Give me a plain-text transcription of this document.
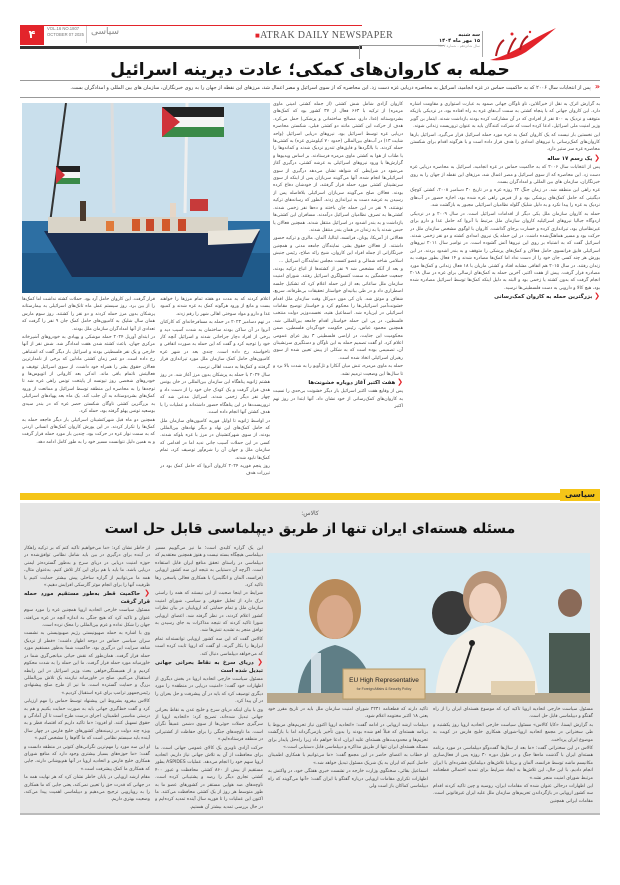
۴	VOL.16 NO.1807
OCTOBER 07 2025 سیاسی	■ATRAK DAILY NEWSPAPER	سه شنبه
۱۵ مهر ماه ۱۴۰۴
سال شانزدهم - شماره ۱۸۰۷
حمله به کاروان‌های کمکی؛ عادت دیرینه اسرائیل
«پس از انتخابات سال ۲۰۰۶ که به حاکمیت حماس در غزه انجامید، اسرائیل به محاصره دریایی غزه دست زد. این محاصره که از سوی اسرائیل و مصر اعمال شد، مرزهای این نقطه از جهان را به روی خبرنگاران، سازمان های بین المللی و امدادگران بست.

به گزارش اترک به نقل از خبرآنلاین، ناو ناوگان جهانی صمود به عبارت استواری و مقاومت اشاره دارد. این کاروان جهانی که با پنجاه کشتی به سمت آب‌های غزه به راه افتاده بود، در نزدیکی بازیکه متوقف و نزدیک به ۵۰۰ نفر از افرادی که در آن مشارکت کرده بودند بازداشت شدند. ایتمار بن گویر وزیر امنیت ملی اسرائیل، ادعا کرده است که شرکت کنندگان باید به عنوان تروریست زندانی شوند.

این نخستین بار نیست که یک کاروان کمک به غزه مورد حمله اسرائیل قرار می‌گیرد. اسرائیل بارها کاروان‌های کمک‌رسانی یا نیروهای امدادی را هدف قرار داده است و با هرگونه اقدام برای شکستن محاصره غزه سر ستیز دارد.

❮ یک رسم ۱۷ ساله

پس از انتخابات سال ۲۰۰۶ که به حاکمیت حماس در غزه انجامید، اسرائیل به محاصره دریایی غزه دست زد. این محاصره که از سوی اسرائیل و مصر اعمال شد، مرزهای این نقطه از جهان را به روی خبرنگاران، سازمان های بین المللی و امدادگران بست.

غزه راهی این منطقه شد. در زمان جنگ ۲۲ روزه غزه و در تاریخ ۳۰ دسامبر ۲۰۰۸، کشتی کوچک دیگنیتی که حامل کمک‌های پزشکی بود و از قبرس راهی غزه شده بود، اجازه حضور در آب‌های نزدیک به غزه را پیدا نکرد و به دلیل شلیک گلوله نظامیان اسرائیلی مجبور به بازگشت شد.

حمله به کاروان سازمان ملل یکی دیگر از اقدامات اسرائیل است. در سال ۲۰۰۹ و در نزدیکی اردوگاه جبالیا نیروهای اسرائیلیه کاروان سازمان ملل مرتبط با آنروا که حامل غذا و دارو برای غیرنظامیان بود، تیراندازی کرده و خسارت برجای گذاشت. کاروان با لوگوی مشخص سازمان ملل در حرکت بود و مسیر هماهنگ‌شده داشت. در این حمله یک نیروی امدادی کشته و دو نفر زخمی شدند. اسرائیل گفت که به اشتباه بر روی این نیروها آتش گشوده است. در نوامبر سال ۲۰۱۱ نیروهای اسرائیلی قایق فرانسوی حامل فعالان و کمک‌های پزشکی را متوقف و به بندر اشدود بردند. در این یورش هر چند کسی جان خود را از دست نداد اما کمک‌ها مصادره شدند و ۱۴ فعال بطور موقت به زندان رفتند. در سال ۲۰۱۵ هم اتفاقی مشابه افتاد و کشتی ماریان با ۱۸ فعال زندانی و کمک‌ها مورد مصادره قرار گرفت. پیش از هفت اکتبر، آخرین حمله به کمک‌های ارسالی برای غزه در سال ۲۰۱۸ انجام گرفت که بدون کشته یا زخمی بود و البته به دلیل اینکه کمک‌ها توسط اسرائیل مصادره شده بود، هیچ کالا و دارویی به دست فلسطینی‌ها نرسید.

❮ بزرگترین حمله به کاروان کمک‌رسانی

کاروان آزادی شامل شش کشتی (از جمله کشتی امینی ماوی مرمره) از ترکیه با ۶۶۳ فعال از ۳۷ کشور بود که کمک‌های بشردوستانه (غذا، دارو، مصالح ساختمانی و پزشکی) حمل می‌کرد. هدف از حرکت این کشتی مانند دو کشتی قبلی، شکستن محاصره دریایی غزه توسط اسرائیل بود. نیروهای دریایی اسرائیل (واحد شایت ۱۳) در آب‌های بین‌المللی (حدود ۷۰ کیلومتری غزه) به کشتی‌ها حمله کردند. با بالگردها و قایق‌های تندرو نزدیک شدند و کماندوها را با طناب از هوا به کشتی ماوی مرمره فرستادند. بر اساس ویدیوها و گزارش‌ها با ورود نیروهای اسرائیلی به عرشه کشتی، درگیری آغاز می‌شود در شرایطی که شواهد نشان می‌دهد درگیری از سوی اسرائیلی‌ها انجام شده. آنها می‌گویند سربازان پس از اینکه از سوی سرنشینان کشتی مورد حمله قرار گرفتند، از خودشان دفاع کرده بودند. فعالان صلح می‌گویند سربازان اسرائیلی بلافاصله پس از رسیدن به عرشه دست به تیراندازی زدند. آنطور که رسانه‌های ترکیه نوشتند، ۹ نفر در این حمله جان باختند و ده‌ها نفر زخمی شدند. کشتی‌ها به تصرف نظامیان اسرائیل درآمدند. مسافران این کشتی‌ها بازداشت و به بندر اشدود در اسرائیل منتقل شدند. همچنین فعالان یا حبس شدند یا به زندان در همان بندر منتقل شدند.

فعالانی از آمریکا، یونان، فرانسه، ایتالیا، آلمان، مالزی و ترکیه حضور داشتند. از فعالان حقوق بشر، نمایندگان جامعه مدنی و همچنین خبرنگارانی از جمله افراد این کاروان، شیخ رائد صلاح، رئیس جنبش اسلامی شاخه شمالی و عضو کنست مجلس نمایندگان اسرائیل ...

و بعد از آنکه مشخص شد ۹ نفر از کشته‌ها از اتباع ترکیه بودند، جمعیت خشمگین به سمت کنسولگری اسرائیل رفتند. شورای امنیت سازمان ملل ساعاتی بعد از این حمله اعلام کرد که تشکیل جلسه اضطراری داد و در طی بیانیه‌ای خواستار تحقیقات بی‌طرفانه، سریع، شفاف و موثق شد. بان کی مون دبیرکل وقت سازمان ملل اقدام خشونت‌آمیز اسرائیلی‌ها را محکوم کرد و خواستار توضیح مقامات اسرائیلی در این‌باره شد. اسماعیل هنیه، نخست‌وزیر دولت منتخب فلسطین، در پی این حمله خواستار اقدام جامعه بین‌المللی شد. همچنین محمود عباس، رئیس حکومت خودگردان فلسطین، ضمن محکومیت این جنایت، در اراضی فلسطینی ۳ روز عزای عمومی اعلام کرد. او گفت تصمیم حمله به این ناوگان و دستگیری سرنشینان آن، تصمیمی بوده است که به شکلی از پیش تعیین شده از سوی رهبران اسرائیلی اتخاذ شده است.

حمله به ماوی مرمره، تنش میان آنکارا و تل‌آویو را به شدت بالا برد و تا سال‌ها این وضعیت ترمیم نشد.

❮ هفت اکتبر آغاز دوباره خشونت‌ها

پس از وقایع هفت اکتبر اسرائیل بار دیگر خشونت بی‌حدی را نسبت به کاروان‌های کمک‌رسانی از خود نشان داد. آنها ابتدا در روز نهم اکتبر

اعلام کردند که به مدت دو هفته تمام مرزها را خواهند بست و مانع از ورود هرگونه کمک به غزه شدند و کمبود غذا و دارو و مواد سوختی اهالی شهر را رقم زدند.

در نهم دسامبر ۲۰۲۳ در حمله به مسافرخانه‌ای که کارکنان آنروا در آن ساکن بودند ساختمان به شدت آسیب دید و برخی از افراد دچار جراحاتی شدند و اسرائیل آنچه کار خود را توجیه کرد و گفت که این حمله به صورت اتفاقی و ناخواسته رخ داده است. چندی بعد در شهر غزه کامیون‌های حامل کمک سازمان ملل مورد تیراندازی قرار گرفتند و کمک‌ها به دست اهالی نرسید.

سال ۲۰۲۴ با حمله به پزشکان بدون مرز آغاز شد. در روز هشتم ژانویه پناهگاه این سازمان بین‌المللی در خان یونس هدف قرار گرفت و یک کودک جان خود را از دست داد و چهار نفر دیگر زخمی شدند. اسرائیل مدعی شد که تروریست‌ها در این پناهگاه حضور داشته‌اند و عملیات را با هدف کشتن آنها انجام داده است.

در اواسط ژانویه تا اوایل فوریه کامیون‌های سازمان ملل که حامل کمک‌های این نهاد و دیگر نهادهای بین‌المللی بودند، از سوی شهرکنشینان در مرز با غزه بلوکه شدند. کسی در این حملات آسیب جانی ندید اما در اقدامی که سازمان ملل و جهان آن را شرم‌آور توصیف کرد، تمام کمک‌ها نابود شدند.

روز پنجم فوریه ۲۰۲۴ کاروان آنروا که حامل کمک بود در تیررات هدف

قرار گرفت. این کاروان حامل آرد بود. حملات کشته نداشت اما کمک‌ها را از بین برد. روز سیستم عمل ماه تانک‌های اسرائیلی به بیمارستانه پزشکان بدون مرز حمله کردند و دو نفر را کشتند. روز سوم مارس همان سال شلیک به کامیون‌های حامل کمک جان ۹ نفر را گرفت که تعدادی از آنها امدادگران سازمان ملل بودند.

در ابتدای آوریل ۲۰۲۴ حمله موشکی و پهپادی به خودروهای آشپزخانه مرکزی جهان، باعث کشته شدن هفت امدادگر شد. شش نفر از آنها خارجی و یک نفر فلسطینی بودند و اسرائیل بار دیگر گفت که اشتباهی رخ داده است. دو عمر زمان کشتی مادلین که برخی از نامدارترین فعالان حقوق بشر را همراه خود داشت، از سوی اسرائیل توقیف و فعالیتش ناتمام باقی ماند. اندکی بعد کاروانی از اتوبوس‌ها و خودروهای شخصی روز تیونسه از پایتخت تونس راهی غزه شد تا توجه‌ها را به محاصره این منطقه توسط اسرائیل و ممانعت از ورود کمک‌های بشردوستانه به آن جلب کند. یک ماه بعد پهپادهای اسرائیلی به بزرگترین کشتی ناوگان شکستن حصر غزه که در بندر سیدی بوسعید تونس پهلو گرفته بود، حمله کرد.

همچنین دو ماه قبل شهرکنشینان اسرائیلی بار دیگر فاجعه حمله به کمک‌ها را تکرار کردند. در این یورش کاروان کمک‌های انسانی اردنی که به سمت نوار غزه در حرکت بود، چندین بار مورد حمله قرار گرفت و به همین دلیل نتوانست مسیر خود را به طور کامل ادامه دهد.

سیاسی
کالاس:
مسئله هسته‌ای ایران تنها از طریق دیپلماسی قابل حل است
EU High Representative
for Foreign Affairs & Security Policy

مسئول سیاست خارجی اتحادیه اروپا تاکید کرد که موضوع هسته‌ای ایران را از راه گفتگو و دیپلماسی قابل حل است.

به گزارش ایسنا، «کایا کالاس» مسئول سیاست خارجی اتحادیه اروپا روز یکشنبه و طی سخنرانی در مجمع اتحادیه اروپا-شورای همکاری خلیج فارس در کویت به موضوع ایران پرداخت.

کالاس در این سخنرانی گفت: «ما بعد از سال‌ها گفت‌وگو دیپلماسی در مورد برنامه هسته‌ای ایران با گذشت ماه‌ها جنگ و در طول دوره ۳۰ روزه پس از فعال‌سازی مکانیسم ماشه توسط فرانسه، آلمان و بریتانیا تلاش‌های دیپلماتیک فشرده‌ای با ایران انجام دادیم. با این حال، این تلاش‌ها به ایجاد شرایط برای تمدید احتمالی قطعنامه مرتبط شورای امنیت منجر نشد.»

این اظهارات درحالی عنوان شده که مقامات ایران، روسیه و چین تاکید کردند اقدام سه کشور اروپایی در بازگرداندن تحریم‌های سازمان ملل علیه ایران غیرقانونی است. مقامات ایرانی همچنین

تأکید دارند که قطعنامه ۲۲۳۱ شورای امنیت سازمان ملل باید در تاریخ مقرر خود یعنی ۱۸ اکتبر مختومه اعلام شود.

دیپلمات ارشد اروپایی در ادامه گفت: «اتحادیه اروپا اکنون نیاز تحریم‌های مربوط با برنامه هسته‌ای که قبلاً لغو شده بودند را بدون تأخیر بازمی‌گرداند اما با بازگشت تحریم‌ها و محدودیت‌های هسته‌ای علیه ایران، ادعا خواهم داد زیرا راه‌حل پایدار برای مسئله هسته‌ای ایران تنها از طریق مذاکره و دیپلماسی قابل دستیابی است.»

او خطاب به اعضای حاضر در این مجمع گفت: «ما می‌توانیم با همکاری اطمینان حاصل کنیم که ایران به یک شریک مسئول تبدیل خواهد شد.»

اسماعیل بقائی، سخنگوی وزارت خارجه در نشست خبری هفتگی خود، در واکنش به اظهارات تکراری مقامات اروپایی درباره گفتگو با ایران گفت: «آنها می‌گویند که راه دیپلماسی کماکان باز است ولی

این یک گزاره کلیدی است؛ ما نیز می‌گوییم مسیر دیپلماسی هیچگاه بسته نیست و هنوز همچنین معتقدیم که دیپلماسی در راستای تحقق منافع ایران قابل استفاده است. اگرچه آن دستیابی به نتیجه این سه کشور اروپایی (فرانسه، آلمان و انگلیس) با همکاری فعالی پاسخی رها تاکید کرد.

شرایط در اینجا صحبت از این نیستند که همه را راستی درک دارد از تحلیل حقوقی و سیاسی، شورای امنیت سازمان ملل و تمام حمایتی که اروپاییان در بیان نظرات کشور اعلام کردند، در نظر گرفته شد. اعضای اروپایی شورا تاکید کردند که نتیجه مذاکرات به جای رسیدن به توافق منجر به تشدید تنش‌ها شد.

کالاس گفت که این سه کشور اروپایی توانسته‌اند تمام ابزارها را بکار گیرند. او گفت که اروپا ثابت کرده است که می‌خواهد دیپلماسی دنبال کند.

❮ دریای سرخ به نقاط بحرانی جهانی تبدیل شده است

مسئول سیاست خارجی اتحادیه اروپا در بخش دیگری از اظهارات خود گفت: «امنیت دریایی در منطقه» را مورد دیگری توصیف کرد که باید در آن پیشرفت و حل بحران را در آن پیدا کرد.

وی با بیان اینکه دریای سرخ و خلیج عدن به نقاط بحرانی جهانی تبدیل شده‌اند، تصریح کرد: «اتحادیه اروپا از سرگیری حملات حوثی‌ها از سوی دشمن عمیقاً نگران است. ما ناوچه‌های جنگی را برای حفاظت از کشتیرانی در منطقه فرستاده‌ایم.»

حرکت آزادی ناوبری یک کالای عمومی جهانی است. ما برای محافظت از آن به تلاش جهانی نیاز داریم. اتحادیه اروپا سهم خود را انجام می‌دهد. عملیات ASPIDES بطور مستقیم از بیش از ۸۶۰ کشتی محافظت و عبور ۴۰۰ کشتی تجاری دیگر را رصد و پشتیبانی کرده است. ناوچه‌های ضد هوایی مستقر در کشورهای عضو ما به طور متوسط هر روز از یک کشتی محافظت می‌کنند. ما اکنون این عملیات را تا فوریه سال آینده تمدید کرده‌ایم و در حال بررسی تمدید بیشتر آن هستیم.

از خاطر نشان کرد: «ما می‌خواهیم تأکید کنم که بر ترکیه راهکار در آینده برای درگیری در بین باید شامل نظامی توافق‌شده در حوزه امنیت دریایی در دریای سرخ و به‌طور گسترده‌تر ایمنی دریایی باشد. ما باید با هم برای این کار تلاش کنیم. به‌عنوان مثال، همه ما می‌توانیم از گزاره ساحلی پیش بیشتر حمایت کنیم یا ظرفیت آنها را برای انجام موثر گارسکی افزایش دهیم.»

❮ حاکمیت قطر به‌طور مستقیم مورد حمله قرار گرفت

مسئول سیاست خارجی اتحادیه اروپا همچنین غزه را مورد سوم عنوان و تاکید کرد که هیچ جنگی به اندازه آنچه در غزه می‌افتد، جهان را شکل نداده و عزم بین‌المللی را محک نزده است.

وی با اشاره به حمله صهیونیستی رژیم صهیونیستی به نشست سران سیاسی حماس در دوحه اظهار داشت: «قطر از نزدیک شاهد سرایت این درگیری بود. حاکمیت شما به‌طور مستقیم مورد حمله قرار گرفت. همان‌طور که نقش حیاتی میانجی‌گری شما در خاورمیانه مورد حمله قرار گرفت. ما این حمله را به شدت محکوم کردیم و از همبستگی‌خواهی بحث وزیر اسرائیل در این رابطه استقبال می‌کنیم. صلح در خاورمیانه نیازمند یک تلاش بین‌المللی بزرگ و حمایت گسترده است. ما نیز از طرح صلح پیشنهادی رئیس‌جمهور ترامپ برای غزه استقبال کردیم.»

کالاس بیفزود بشروط این پیشنهاد توسط حماس را مهم ارزیابی کرد و گفت خط‌گیری جهانی باید به صورت حمایت بکنیم و هم به درستی مناسبی اطمینان، اجرای درست طرح است تا آن آمادگی و حقوق تسهیل کنند. او افزود: «ما تاکید داریم که اقتصاد قطر و به ویژه چند دولت در زمینه‌های کشورهای خلیج فارس در چهار سال آینده باید سیستم نظامی است که ما گام‌ها را مشخص کنیم.»

او این سه مورد را مهم‌ترین نگرانی‌های کنونی در منطقه دانست و گفت: «ما حوزه‌های بسیار بیشتری وجود دارد که منافع شورای همکاری خلیج فارس و اتحادیه اروپا در آنها هم‌پوشانی دارند، جایی که همکاری ما کمک پیشرفت است.»

مقام ارشد اروپایی در پایان خاطر نشان کرد که هر نهایت همه ما در جهانی که قدرت حق را تعیین نمی‌کند، یعنی جایی که ما همکاری را به رویارویی ترجیح می‌دهیم و دیپلماسی اهمیت پیدا می‌کند، وضعیت بهتری داریم.
